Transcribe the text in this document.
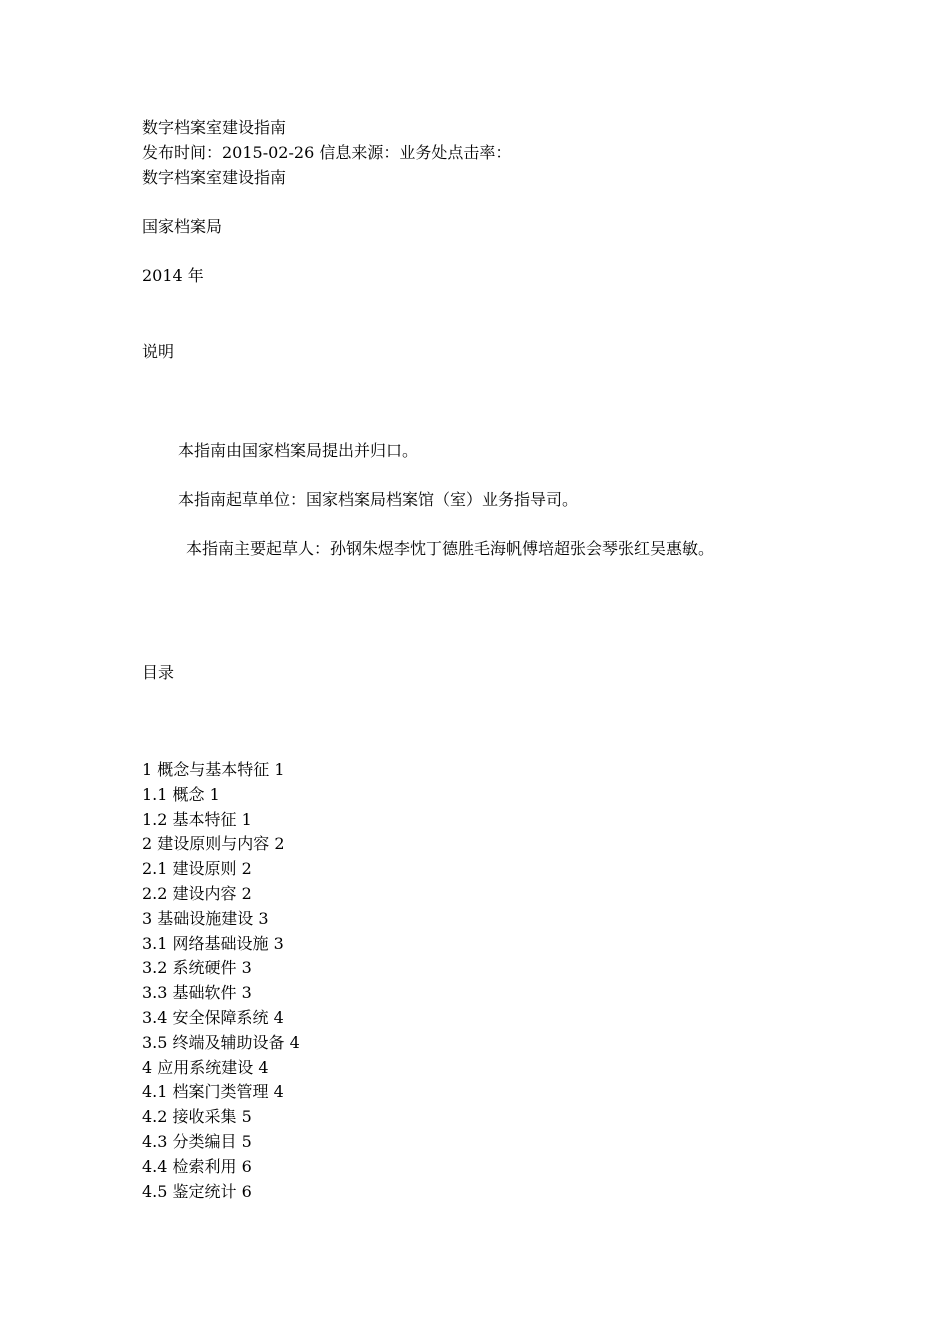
数字档案室建设指南
发布时间：2015-02-26 信息来源：业务处点击率：
数字档案室建设指南
国家档案局
2014 年
说明
本指南由国家档案局提出并归口。
本指南起草单位：国家档案局档案馆（室）业务指导司。
本指南主要起草人：孙钢朱煜李忱丁德胜毛海帆傅培超张会琴张红吴惠敏。
目录
1 概念与基本特征 1
1.1 概念 1
1.2 基本特征 1
2 建设原则与内容 2
2.1 建设原则 2
2.2 建设内容 2
3 基础设施建设 3
3.1 网络基础设施 3
3.2 系统硬件 3
3.3 基础软件 3
3.4 安全保障系统 4
3.5 终端及辅助设备 4
4 应用系统建设 4
4.1 档案门类管理 4
4.2 接收采集 5
4.3 分类编目 5
4.4 检索利用 6
4.5 鉴定统计 6
